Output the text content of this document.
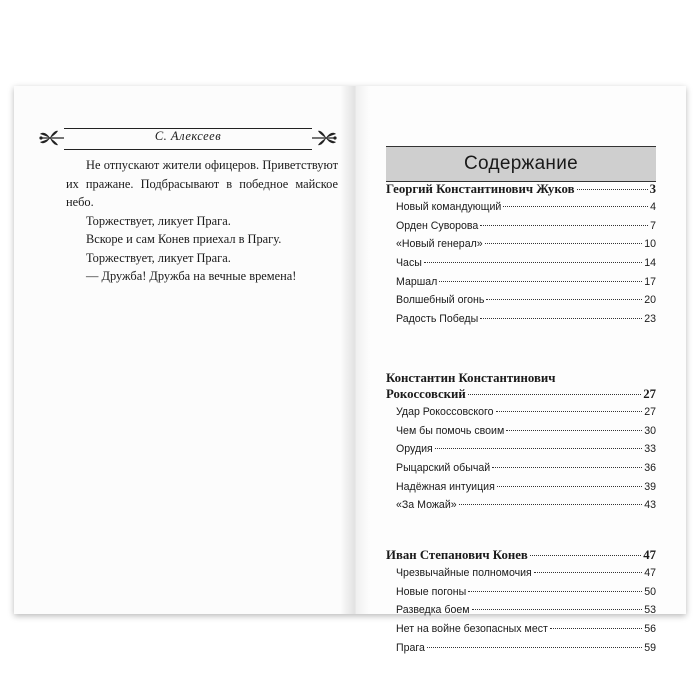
С. Алексеев

Не отпускают жители офицеров. Приветствуют их пражане. Подбрасывают в победное майское небо.

Торжествует, ликует Прага.

Вскоре и сам Конев приехал в Прагу.

Торжествует, ликует Прага.

— Дружба! Дружба на вечные времена!

Содержание
Георгий Константинович Жуков	3
Новый командующий	4
Орден Суворова	7
«Новый генерал»	10
Часы	14
Маршал	17
Волшебный огонь	20
Радость Победы	23
Константин Константинович
Рокоссовский	27
Удар Рокоссовского	27
Чем бы помочь своим	30
Орудия	33
Рыцарский обычай	36
Надёжная интуиция	39
«За Можай»	43
Иван Степанович Конев	47
Чрезвычайные полномочия	47
Новые погоны	50
Разведка боем	53
Нет на войне безопасных мест	56
Прага	59
